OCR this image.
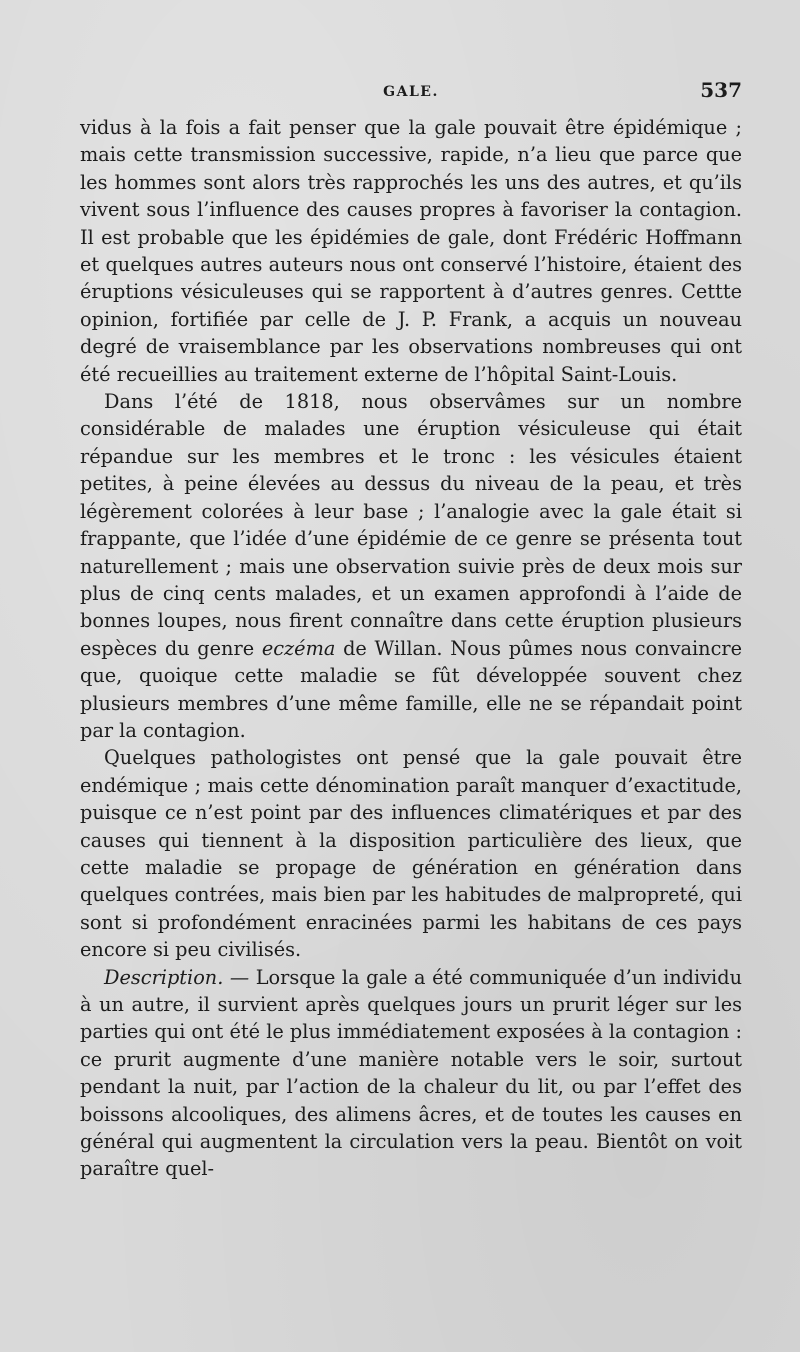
GALE.	537

vidus à la fois a fait penser que la gale pouvait être épidémique ; mais cette transmission successive, rapide, n’a lieu que parce que les hommes sont alors très rapprochés les uns des autres, et qu’ils vivent sous l’influence des causes propres à favoriser la contagion. Il est probable que les épidémies de gale, dont Frédéric Hoffmann et quelques autres auteurs nous ont conservé l’histoire, étaient des éruptions vésiculeuses qui se rapportent à d’autres genres. Cettte opinion, fortifiée par celle de J. P. Frank, a acquis un nouveau degré de vraisemblance par les observations nombreuses qui ont été recueillies au traitement externe de l’hôpital Saint-Louis.

Dans l’été de 1818, nous observâmes sur un nombre considérable de malades une éruption vésiculeuse qui était répandue sur les membres et le tronc : les vésicules étaient petites, à peine élevées au dessus du niveau de la peau, et très légèrement colorées à leur base ; l’analogie avec la gale était si frappante, que l’idée d’une épidémie de ce genre se présenta tout naturellement ; mais une observation suivie près de deux mois sur plus de cinq cents malades, et un examen approfondi à l’aide de bonnes loupes, nous firent connaître dans cette éruption plusieurs espèces du genre eczéma de Willan. Nous pûmes nous convaincre que, quoique cette maladie se fût développée souvent chez plusieurs membres d’une même famille, elle ne se répandait point par la contagion.

Quelques pathologistes ont pensé que la gale pouvait être endémique ; mais cette dénomination paraît manquer d’exactitude, puisque ce n’est point par des influences climatériques et par des causes qui tiennent à la disposition particulière des lieux, que cette maladie se propage de génération en génération dans quelques contrées, mais bien par les habitudes de malpropreté, qui sont si profondément enracinées parmi les habitans de ces pays encore si peu civilisés.

Description. — Lorsque la gale a été communiquée d’un individu à un autre, il survient après quelques jours un prurit léger sur les parties qui ont été le plus immédiatement exposées à la contagion : ce prurit augmente d’une manière notable vers le soir, surtout pendant la nuit, par l’action de la chaleur du lit, ou par l’effet des boissons alcooliques, des alimens âcres, et de toutes les causes en général qui augmentent la circulation vers la peau. Bientôt on voit paraître quel-
